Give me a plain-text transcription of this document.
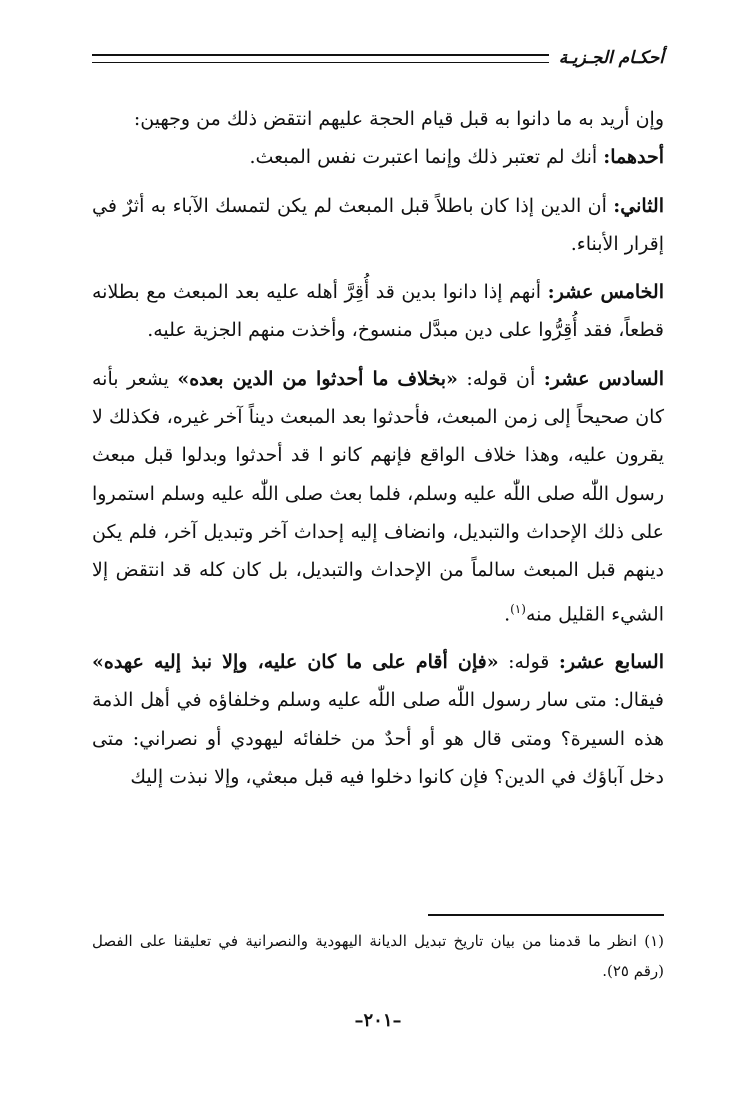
أحكـام الجـزيـة

وإن أريد به ما دانوا به قبل قيام الحجة عليهم انتقض ذلك من وجهين:

أحدهما: أنك لم تعتبر ذلك وإنما اعتبرت نفس المبعث.

الثاني: أن الدين إذا كان باطلاً قبل المبعث لم يكن لتمسك الآباء به أثرٌ في إقرار الأبناء.

الخامس عشر: أنهم إذا دانوا بدين قد أُقِرَّ أهله عليه بعد المبعث مع بطلانه قطعاً، فقد أُقِرُّوا على دين مبدَّل منسوخ، وأخذت منهم الجزية عليه.

السادس عشر: أن قوله: «بخلاف ما أحدثوا من الدين بعده» يشعر بأنه كان صحيحاً إلى زمن المبعث، فأحدثوا بعد المبعث ديناً آخر غيره، فكذلك لا يقرون عليه، وهذا خلاف الواقع فإنهم كانو ا قد أحدثوا وبدلوا قبل مبعث رسول اللّٰه صلى اللّٰه عليه وسلم، فلما بعث صلى اللّٰه عليه وسلم استمروا على ذلك الإحداث والتبديل، وانضاف إليه إحداث آخر وتبديل آخر، فلم يكن دينهم قبل المبعث سالماً من الإحداث والتبديل، بل كان كله قد انتقض إلا الشيء القليل منه$^{(١)}$.

السابع عشر: قوله: «فإن أقام على ما كان عليه، وإلا نبذ إليه عهده» فيقال: متى سار رسول اللّٰه صلى اللّٰه عليه وسلم وخلفاؤه في أهل الذمة هذه السيرة؟ ومتى قال هو أو أحدٌ من خلفائه ليهودي أو نصراني: متى دخل آباؤك في الدين؟ فإن كانوا دخلوا فيه قبل مبعثي، وإلا نبذت إليك

(١) انظر ما قدمنا من بيان تاريخ تبديل الديانة اليهودية والنصرانية في تعليقنا على الفصل (رقم ٢٥).
–٢٠١–
